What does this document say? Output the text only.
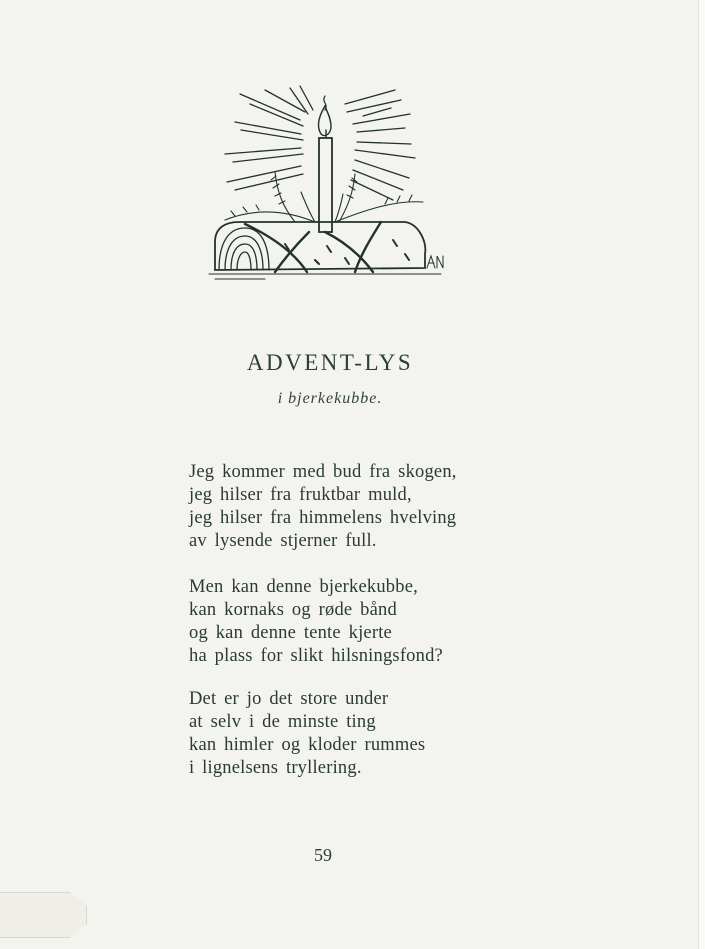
ADVENT-LYS
i bjerkekubbe.
Jeg kommer med bud fra skogen,
jeg hilser fra fruktbar muld,
jeg hilser fra himmelens hvelving
av lysende stjerner full.
Men kan denne bjerkekubbe,
kan kornaks og røde bånd
og kan denne tente kjerte
ha plass for slikt hilsningsfond?
Det er jo det store under
at selv i de minste ting
kan himler og kloder rummes
i lignelsens tryllering.
59
